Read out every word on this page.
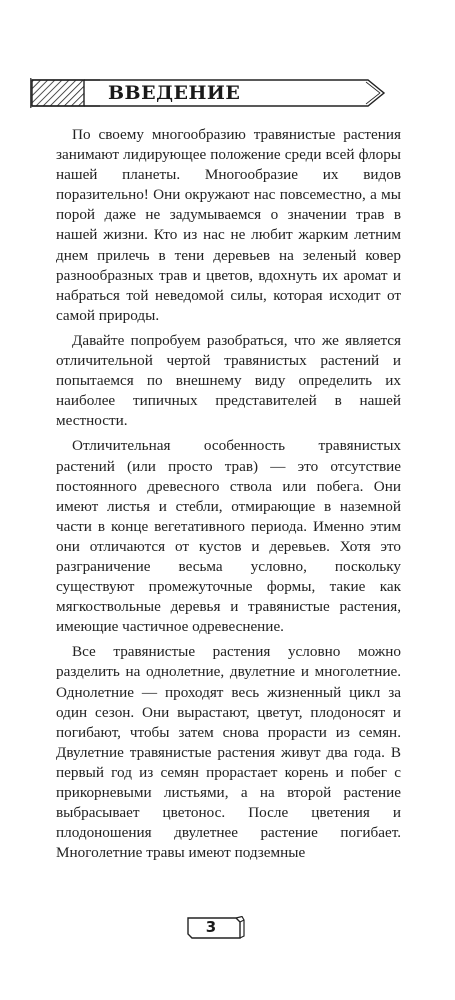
ВВЕДЕНИЕ

По своему многообразию травянистые растения занимают лидирующее положение среди всей флоры нашей планеты. Многообразие их видов поразительно! Они окружают нас повсеместно, а мы порой даже не задумываемся о значении трав в нашей жизни. Кто из нас не любит жарким летним днем прилечь в тени деревьев на зеленый ковер разнообразных трав и цветов, вдохнуть их аромат и набраться той неведомой силы, которая исходит от самой природы.

Давайте попробуем разобраться, что же является отличительной чертой травянистых растений и попытаемся по внешнему виду определить их наиболее типичных представителей в нашей местности.

Отличительная особенность травянистых растений (или просто трав) — это отсутствие постоянного древесного ствола или побега. Они имеют листья и стебли, отмирающие в наземной части в конце вегетативного периода. Именно этим они отличаются от кустов и деревьев. Хотя это разграничение весьма условно, поскольку существуют промежуточные формы, такие как мягкоствольные деревья и травянистые растения, имеющие частичное одревеснение.

Все травянистые растения условно можно разделить на однолетние, двулетние и многолетние. Однолетние — проходят весь жизненный цикл за один сезон. Они вырастают, цветут, плодоносят и погибают, чтобы затем снова прорасти из семян. Двулетние травянистые растения живут два года. В первый год из семян прорастает корень и побег с прикорневыми листьями, а на второй растение выбрасывает цветонос. После цветения и плодоношения двулетнее растение погибает. Многолетние травы имеют подземные

3
